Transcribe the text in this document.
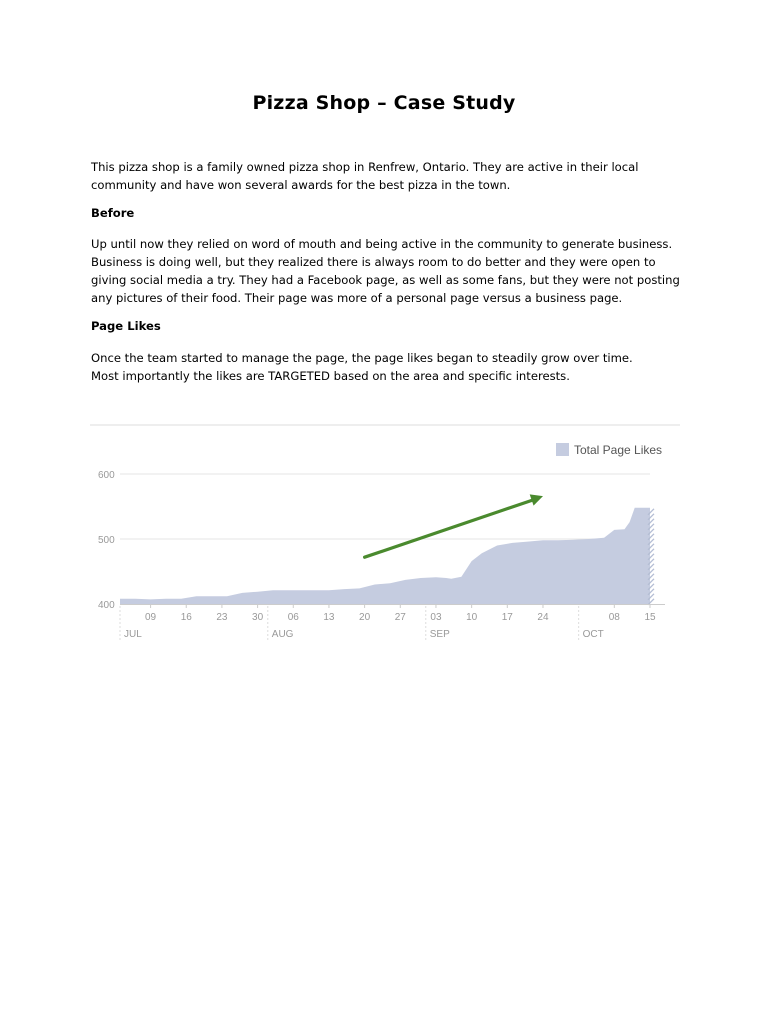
Pizza Shop – Case Study

This pizza shop is a family owned pizza shop in Renfrew, Ontario. They are active in their local community and have won several awards for the best pizza in the town.

Before

Up until now they relied on word of mouth and being active in the community to generate business. Business is doing well, but they realized there is always room to do better and they were open to giving social media a try. They had a Facebook page, as well as some fans, but they were not posting any pictures of their food. Their page was more of a personal page versus a business page.

Page Likes

Once the team started to manage the page, the page likes began to steadily grow over time.

Most importantly the likes are TARGETED based on the area and specific interests.

Total Page Likes
400
500
600
09 16 23 30 06 13 20 27 03 10 17 24	08 15
JUL	AUG	SEP	OCT
